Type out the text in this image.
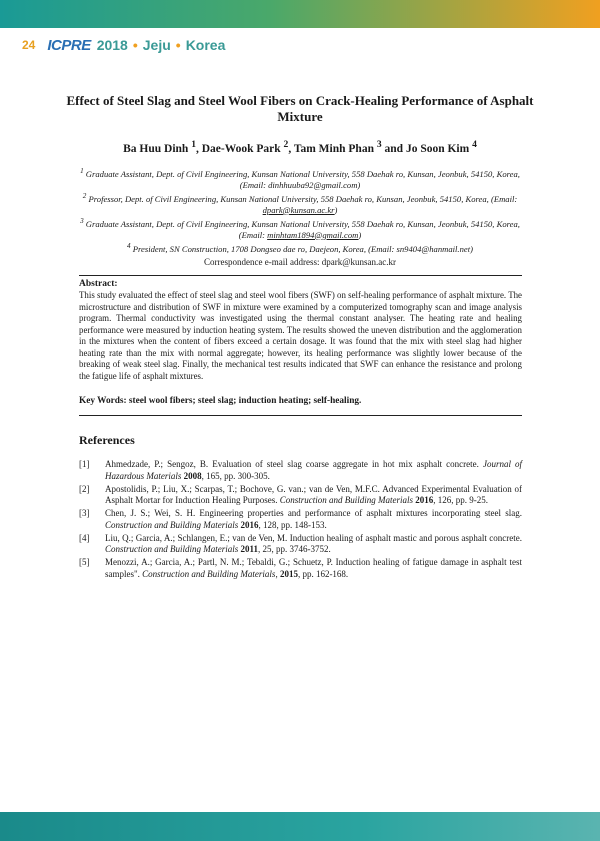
24 ICPRE 2018 • Jeju • Korea
Effect of Steel Slag and Steel Wool Fibers on Crack-Healing Performance of Asphalt Mixture
Ba Huu Dinh $^1$, Dae-Wook Park $^2$, Tam Minh Phan $^3$ and Jo Soon Kim $^4$

$^1$ Graduate Assistant, Dept. of Civil Engineering, Kunsan National University, 558 Daehak ro, Kunsan, Jeonbuk, 54150, Korea, (Email: dinhhuuba92@gmail.com)

$^2$ Professor, Dept. of Civil Engineering, Kunsan National University, 558 Daehak ro, Kunsan, Jeonbuk, 54150, Korea, (Email: dpark@kunsan.ac.kr)

$^3$ Graduate Assistant, Dept. of Civil Engineering, Kunsan National University, 558 Daehak ro, Kunsan, Jeonbuk, 54150, Korea, (Email: minhtam1894@gmail.com)

$^4$ President, SN Construction, 1708 Dongseo dae ro, Daejeon, Korea, (Email: sn9404@hanmail.net)

Correspondence e-mail address: dpark@kunsan.ac.kr
Abstract:

This study evaluated the effect of steel slag and steel wool fibers (SWF) on self-healing performance of asphalt mixture. The microstructure and distribution of SWF in mixture were examined by a computerized tomography scan and image analysis program. Thermal conductivity was investigated using the thermal constant analyser. The heating rate and healing performance were measured by induction heating system. The results showed the uneven distribution and the agglomeration in the mixtures when the content of fibers exceed a certain dosage. It was found that the mix with steel slag had higher heating rate than the mix with normal aggregate; however, its healing performance was slightly lower because of the breaking of weak steel slag. Finally, the mechanical test results indicated that SWF can enhance the resistance and prolong the fatigue life of asphalt mixtures.

Key Words: steel wool fibers; steel slag; induction heating; self-healing.
References
[1]	Ahmedzade, P.; Sengoz, B. Evaluation of steel slag coarse aggregate in hot mix asphalt concrete. Journal of Hazardous Materials 2008, 165, pp. 300-305.
[2]	Apostolidis, P.; Liu, X.; Scarpas, T.; Bochove, G. van.; van de Ven, M.F.C. Advanced Experimental Evaluation of Asphalt Mortar for Induction Healing Purposes. Construction and Building Materials 2016, 126, pp. 9-25.
[3]	Chen, J. S.; Wei, S. H. Engineering properties and performance of asphalt mixtures incorporating steel slag. Construction and Building Materials 2016, 128, pp. 148-153.
[4]	Liu, Q.; Garcia, A.; Schlangen, E.; van de Ven, M. Induction healing of asphalt mastic and porous asphalt concrete. Construction and Building Materials 2011, 25, pp. 3746-3752.
[5]	Menozzi, A.; Garcia, A.; Partl, N. M.; Tebaldi, G.; Schuetz, P. Induction healing of fatigue damage in asphalt test samples". Construction and Building Materials, 2015, pp. 162-168.
